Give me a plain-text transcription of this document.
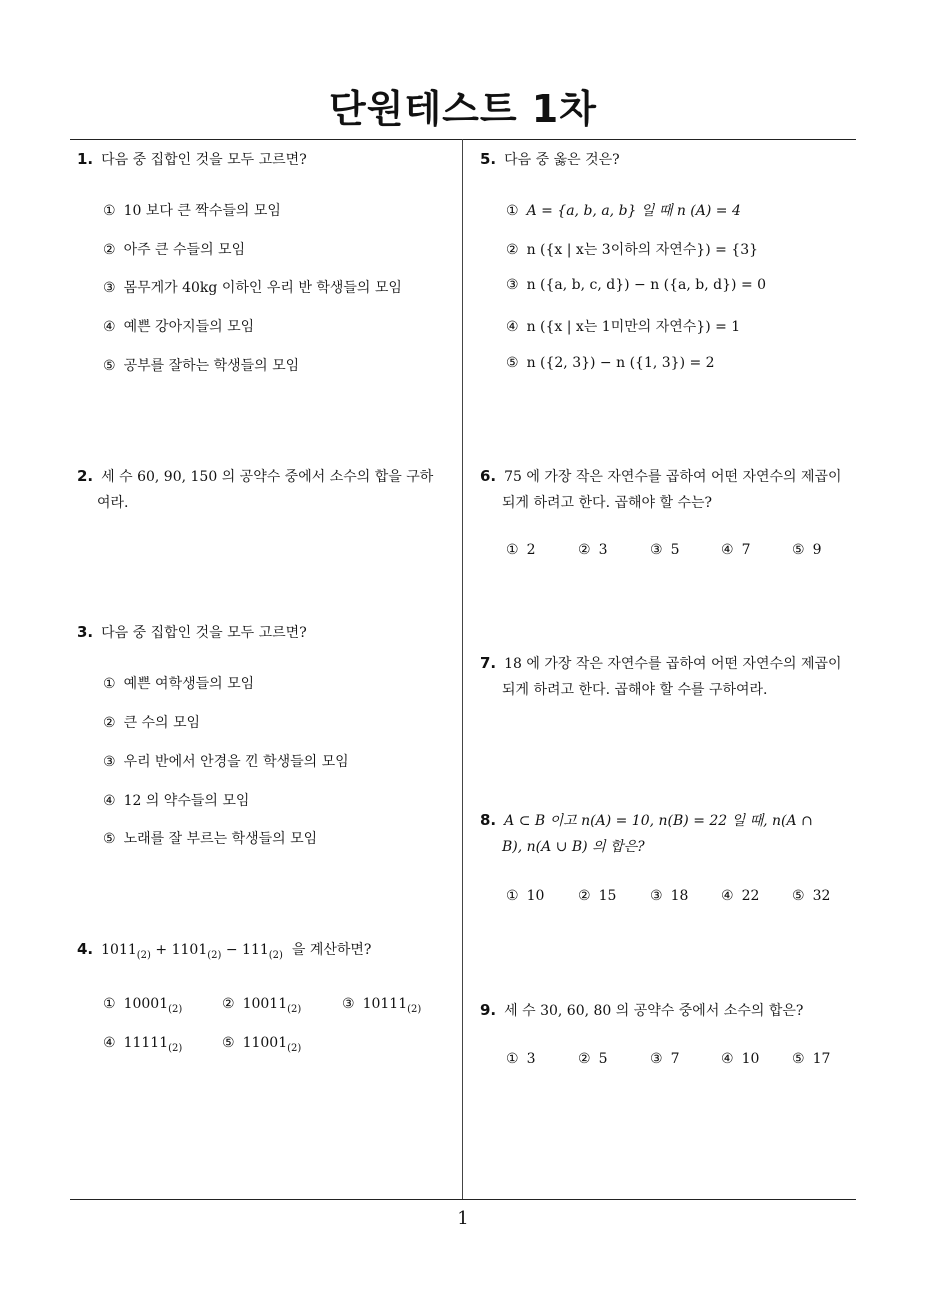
단원테스트 1차
1. 다음 중 집합인 것을 모두 고르면?
① 10 보다 큰 짝수들의 모임
② 아주 큰 수들의 모임
③ 몸무게가 40kg 이하인 우리 반 학생들의 모임
④ 예쁜 강아지들의 모임
⑤ 공부를 잘하는 학생들의 모임
2. 세 수 60, 90, 150 의 공약수 중에서 소수의 합을 구하
여라.
3. 다음 중 집합인 것을 모두 고르면?
① 예쁜 여학생들의 모임
② 큰 수의 모임
③ 우리 반에서 안경을 낀 학생들의 모임
④ 12 의 약수들의 모임
⑤ 노래를 잘 부르는 학생들의 모임
4. $1011_{(2)} + 1101_{(2)} - 111_{(2)}$ 을 계산하면?
① $10001_{(2)}$	② $10011_{(2)}$	③ $10111_{(2)}$
④ $11111_{(2)}$	⑤ $11001_{(2)}$
5. 다음 중 옳은 것은?
① A = {a, b, a, b} 일 때 n (A) = 4
② n ({x | x는 3이하의 자연수}) = {3}
③ n ({a, b, c, d}) − n ({a, b, d}) = 0
④ n ({x | x는 1미만의 자연수}) = 1
⑤ n ({2, 3}) − n ({1, 3}) = 2
6. 75 에 가장 작은 자연수를 곱하여 어떤 자연수의 제곱이
되게 하려고 한다. 곱해야 할 수는?
① 2	② 3	③ 5	④ 7	⑤ 9
7. 18 에 가장 작은 자연수를 곱하여 어떤 자연수의 제곱이
되게 하려고 한다. 곱해야 할 수를 구하여라.
8. A ⊂ B 이고 n(A) = 10, n(B) = 22 일 때, n(A ∩
B), n(A ∪ B) 의 합은?
① 10 ② 15 ③ 18 ④ 22 ⑤ 32
9. 세 수 30, 60, 80 의 공약수 중에서 소수의 합은?
① 3	② 5	③ 7	④ 10 ⑤ 17
1
